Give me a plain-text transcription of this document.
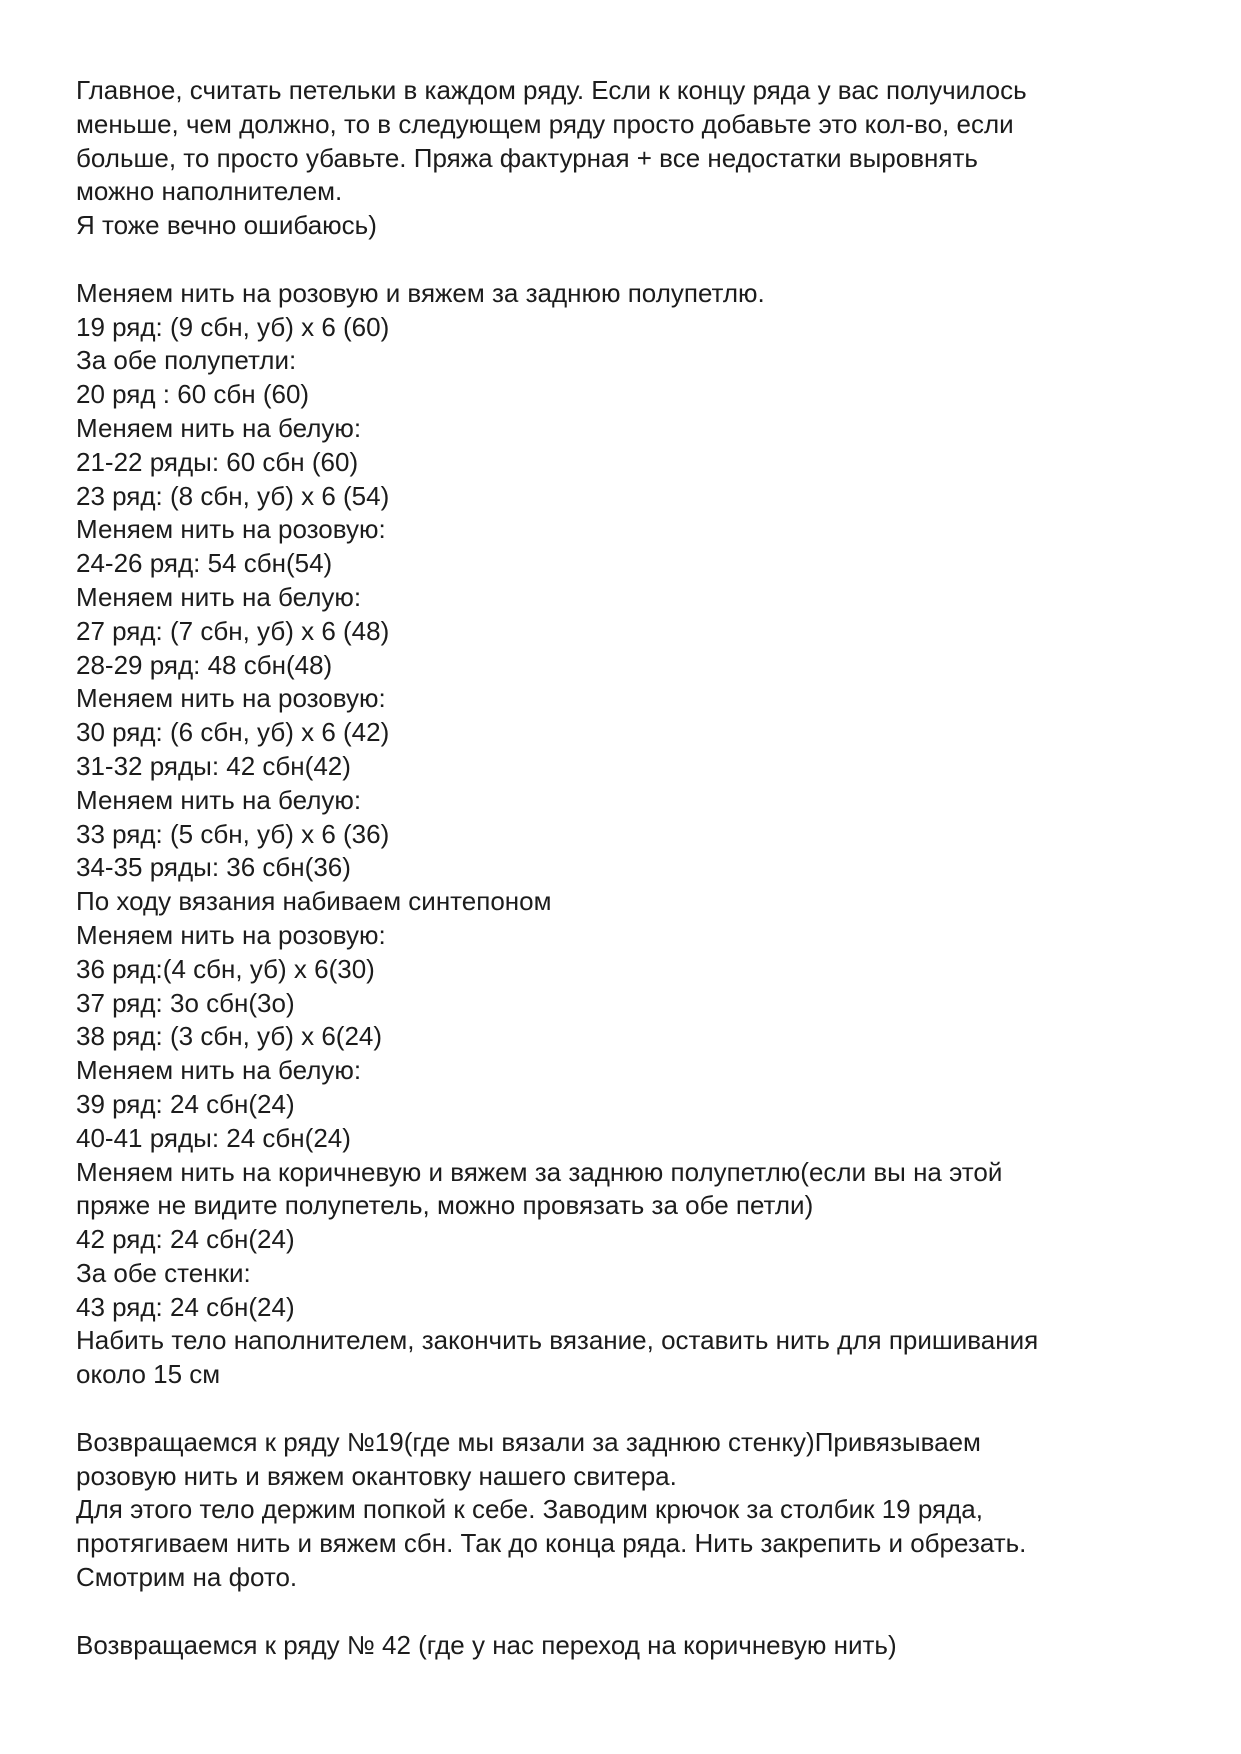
Главное, считать петельки в каждом ряду. Если к концу ряда у вас получилось
меньше, чем должно, то в следующем ряду просто добавьте это кол-во, если
больше, то просто убавьте. Пряжа фактурная + все недостатки выровнять
можно наполнителем.
Я тоже вечно ошибаюсь)
Меняем нить на розовую и вяжем за заднюю полупетлю.
19 ряд: (9 сбн, уб) х 6 (60)
За обе полупетли:
20 ряд : 60 сбн (60)
Меняем нить на белую:
21-22 ряды: 60 сбн (60)
23 ряд: (8 сбн, уб) х 6 (54)
Меняем нить на розовую:
24-26 ряд: 54 сбн(54)
Меняем нить на белую:
27 ряд: (7 сбн, уб) х 6 (48)
28-29 ряд: 48 сбн(48)
Меняем нить на розовую:
30 ряд: (6 сбн, уб) х 6 (42)
31-32 ряды: 42 сбн(42)
Меняем нить на белую:
33 ряд: (5 сбн, уб) х 6 (36)
34-35 ряды: 36 сбн(36)
По ходу вязания набиваем синтепоном
Меняем нить на розовую:
36 ряд:(4 сбн, уб) х 6(30)
37 ряд: 3о сбн(3о)
38 ряд: (3 сбн, уб) х 6(24)
Меняем нить на белую:
39 ряд: 24 сбн(24)
40-41 ряды: 24 сбн(24)
Меняем нить на коричневую и вяжем за заднюю полупетлю(если вы на этой
пряже не видите полупетель, можно провязать за обе петли)
42 ряд: 24 сбн(24)
За обе стенки:
43 ряд: 24 сбн(24)
Набить тело наполнителем, закончить вязание, оставить нить для пришивания
около 15 см
Возвращаемся к ряду №19(где мы вязали за заднюю стенку)Привязываем
розовую нить и вяжем окантовку нашего свитера.
Для этого тело держим попкой к себе. Заводим крючок за столбик 19 ряда,
протягиваем нить и вяжем сбн. Так до конца ряда. Нить закрепить и обрезать.
Смотрим на фото.
Возвращаемся к ряду № 42 (где у нас переход на коричневую нить)
